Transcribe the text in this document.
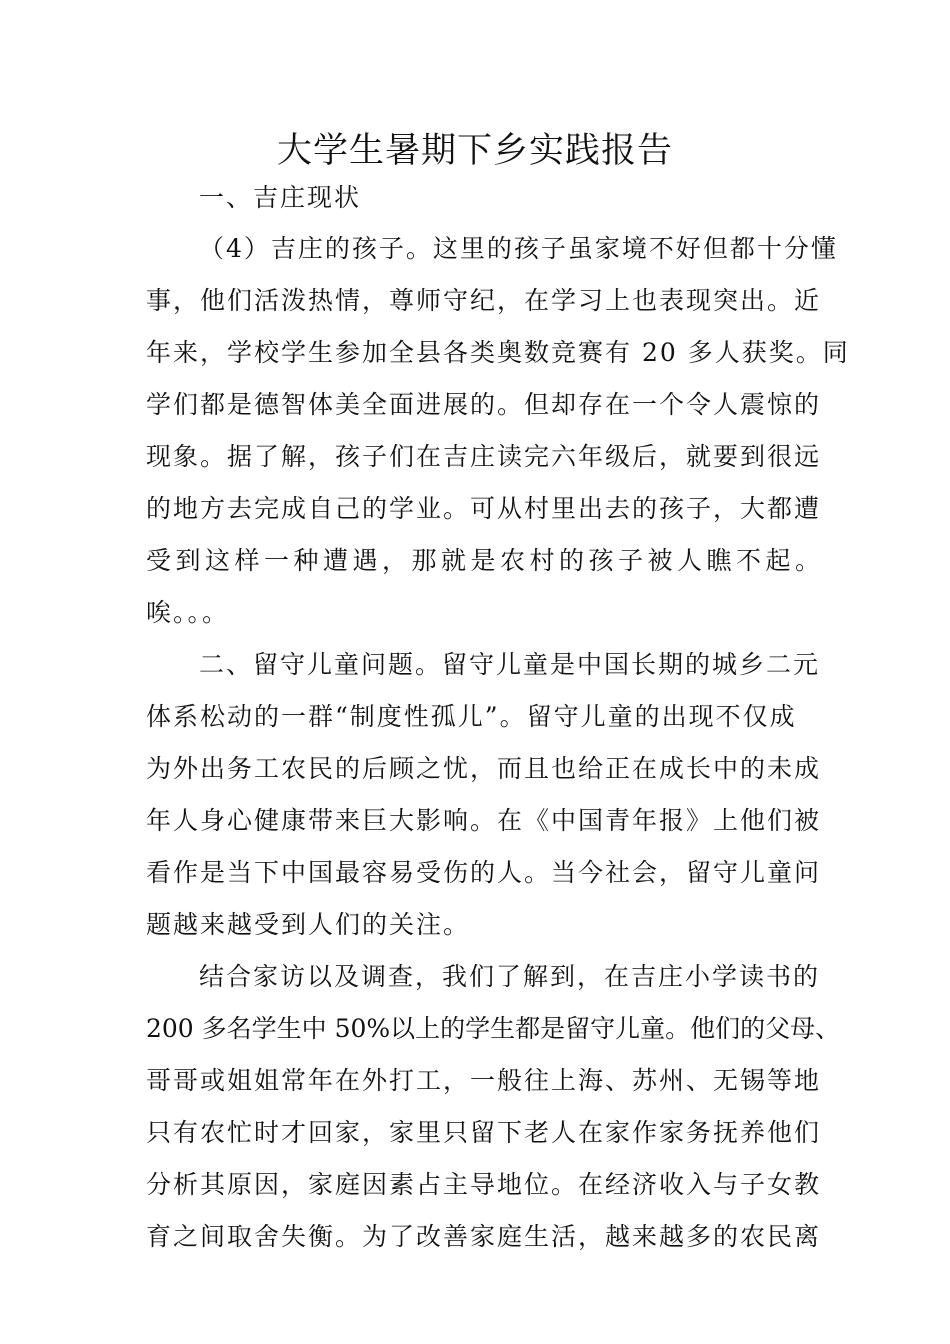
大学生暑期下乡实践报告
一、吉庄现状
（4）吉庄的孩子。这里的孩子虽家境不好但都十分懂
事，他们活泼热情，尊师守纪，在学习上也表现突出。近
年来，学校学生参加全县各类奥数竞赛有 20 多人获奖。同
学们都是德智体美全面进展的。但却存在一个令人震惊的
现象。据了解，孩子们在吉庄读完六年级后，就要到很远
的地方去完成自己的学业。可从村里出去的孩子，大都遭
受到这样一种遭遇，那就是农村的孩子被人瞧不起。
唉。。。
二、留守儿童问题。留守儿童是中国长期的城乡二元
体系松动的一群“制度性孤儿”。留守儿童的出现不仅成
为外出务工农民的后顾之忧，而且也给正在成长中的未成
年人身心健康带来巨大影响。在《中国青年报》上他们被
看作是当下中国最容易受伤的人。当今社会，留守儿童问
题越来越受到人们的关注。
结合家访以及调查，我们了解到，在吉庄小学读书的
200 多名学生中 50%以上的学生都是留守儿童。他们的父母、
哥哥或姐姐常年在外打工，一般往上海、苏州、无锡等地
只有农忙时才回家，家里只留下老人在家作家务抚养他们
分析其原因，家庭因素占主导地位。在经济收入与子女教
育之间取舍失衡。为了改善家庭生活，越来越多的农民离
